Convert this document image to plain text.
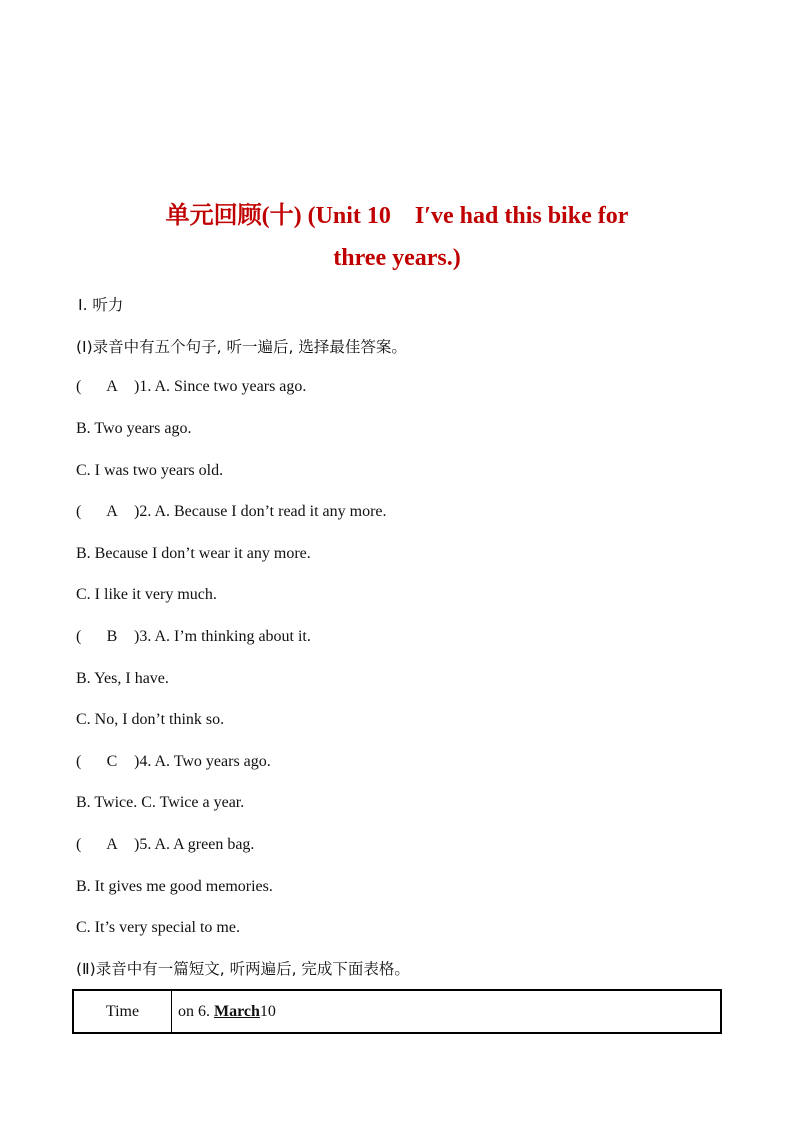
单元回顾(十) (Unit 10　I′ve had this bike for
three years.)
Ⅰ. 听力
(Ⅰ)录音中有五个句子, 听一遍后, 选择最佳答案。
( A )1. A. Since two years ago.
B. Two years ago.
C. I was two years old.
( A )2. A. Because I don’t read it any more.
B. Because I don’t wear it any more.
C. I like it very much.
( B )3. A. I’m thinking about it.
B. Yes, I have.
C. No, I don’t think so.
( C )4. A. Two years ago.
B. Twice. C. Twice a year.
( A )5. A. A green bag.
B. It gives me good memories.
C. It’s very special to me.
(Ⅱ)录音中有一篇短文, 听两遍后, 完成下面表格。
Time	on 6. March10
